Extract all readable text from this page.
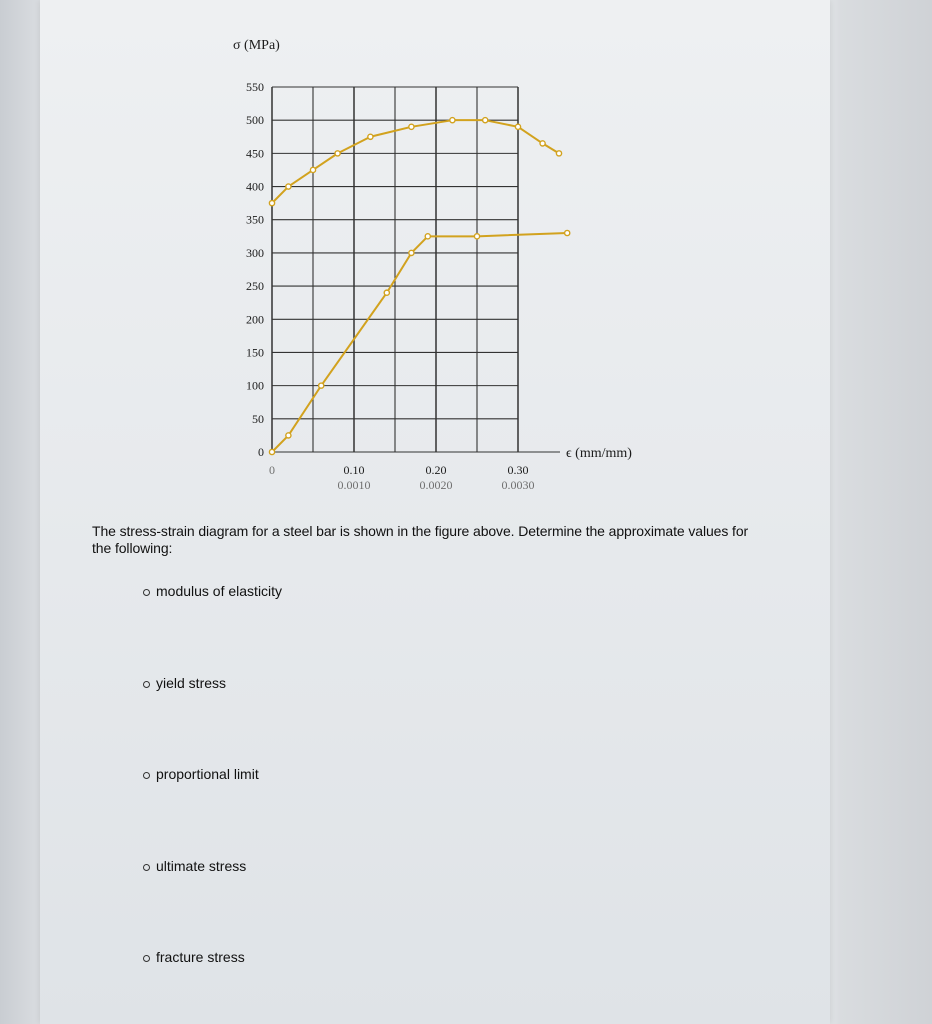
550
500
450
400
350
300
250
200
150
100
50
0
0	0.10	0.20	0.30
0.0010	0.0020	0.0030
σ (MPa)
ϵ (mm/mm)
The stress-strain diagram for a steel bar is shown in the figure above. Determine the approximate values for the following:
modulus of elasticity
yield stress
proportional limit
ultimate stress
fracture stress
